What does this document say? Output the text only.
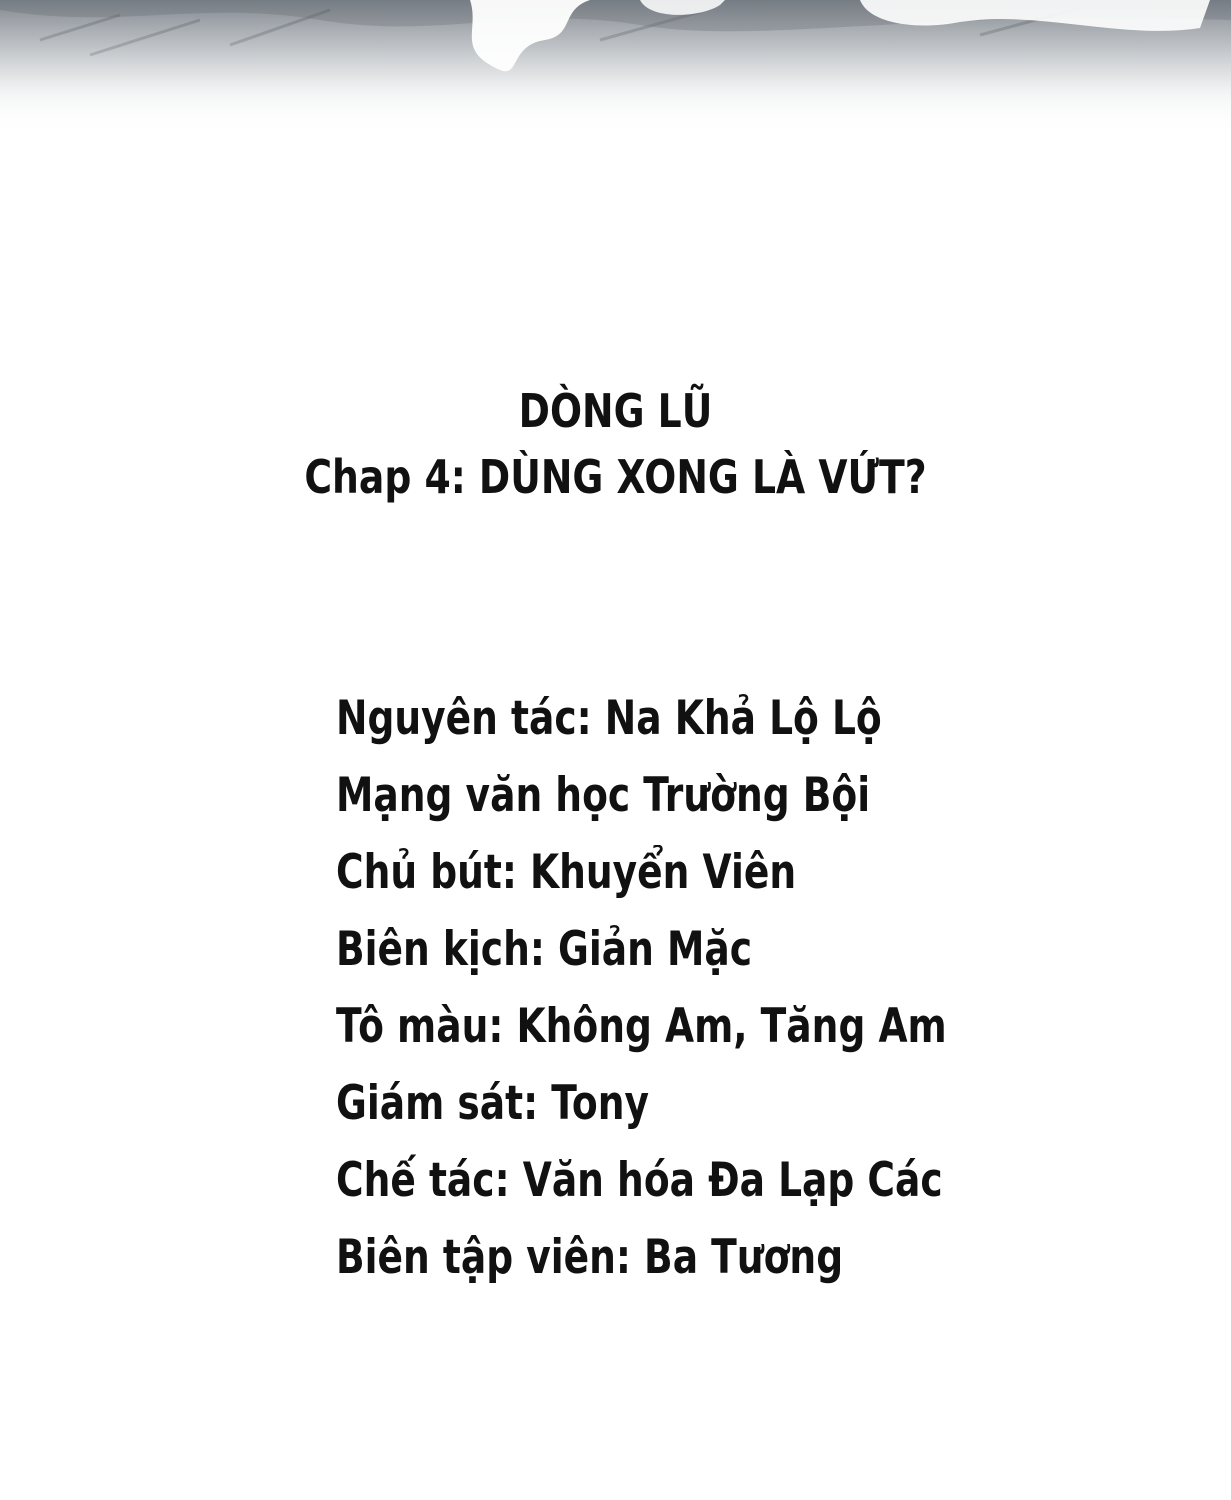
DÒNG LŨ
Chap 4: DÙNG XONG LÀ VỨT?
Nguyên tác: Na Khả Lộ Lộ
Mạng văn học Trường Bội
Chủ bút: Khuyển Viên
Biên kịch: Giản Mặc
Tô màu: Không Am, Tăng Am
Giám sát: Tony
Chế tác: Văn hóa Đa Lạp Các
Biên tập viên: Ba Tương
